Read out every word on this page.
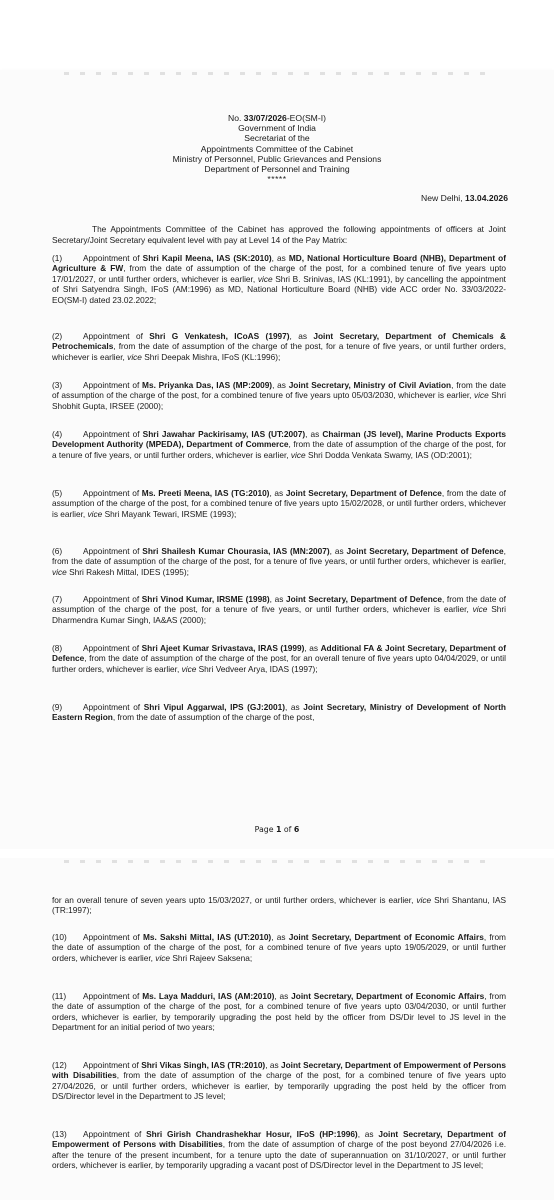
No. 33/07/2026-EO(SM-I)
Government of India
Secretariat of the
Appointments Committee of the Cabinet
Ministry of Personnel, Public Grievances and Pensions
Department of Personnel and Training
*****
New Delhi, 13.04.2026

The Appointments Committee of the Cabinet has approved the following appointments of officers at Joint Secretary/Joint Secretary equivalent level with pay at Level 14 of the Pay Matrix:

(1)	Appointment of Shri Kapil Meena, IAS (SK:2010), as MD, National Horticulture Board (NHB), Department of Agriculture & FW, from the date of assumption of the charge of the post, for a combined tenure of five years upto 17/01/2027, or until further orders, whichever is earlier, vice Shri B. Srinivas, IAS (KL:1991), by cancelling the appointment of Shri Satyendra Singh, IFoS (AM:1996) as MD, National Horticulture Board (NHB) vide ACC order No. 33/03/2022-EO(SM-I) dated 23.02.2022;

(2)	Appointment of Shri G Venkatesh, ICoAS (1997), as Joint Secretary, Department of Chemicals & Petrochemicals, from the date of assumption of the charge of the post, for a tenure of five years, or until further orders, whichever is earlier, vice Shri Deepak Mishra, IFoS (KL:1996);

(3)	Appointment of Ms. Priyanka Das, IAS (MP:2009), as Joint Secretary, Ministry of Civil Aviation, from the date of assumption of the charge of the post, for a combined tenure of five years upto 05/03/2030, whichever is earlier, vice Shri Shobhit Gupta, IRSEE (2000);

(4)	Appointment of Shri Jawahar Packirisamy, IAS (UT:2007), as Chairman (JS level), Marine Products Exports Development Authority (MPEDA), Department of Commerce, from the date of assumption of the charge of the post, for a tenure of five years, or until further orders, whichever is earlier, vice Shri Dodda Venkata Swamy, IAS (OD:2001);

(5)	Appointment of Ms. Preeti Meena, IAS (TG:2010), as Joint Secretary, Department of Defence, from the date of assumption of the charge of the post, for a combined tenure of five years upto 15/02/2028, or until further orders, whichever is earlier, vice Shri Mayank Tewari, IRSME (1993);

(6)	Appointment of Shri Shailesh Kumar Chourasia, IAS (MN:2007), as Joint Secretary, Department of Defence, from the date of assumption of the charge of the post, for a tenure of five years, or until further orders, whichever is earlier, vice Shri Rakesh Mittal, IDES (1995);

(7)	Appointment of Shri Vinod Kumar, IRSME (1998), as Joint Secretary, Department of Defence, from the date of assumption of the charge of the post, for a tenure of five years, or until further orders, whichever is earlier, vice Shri Dharmendra Kumar Singh, IA&AS (2000);

(8)	Appointment of Shri Ajeet Kumar Srivastava, IRAS (1999), as Additional FA & Joint Secretary, Department of Defence, from the date of assumption of the charge of the post, for an overall tenure of five years upto 04/04/2029, or until further orders, whichever is earlier, vice Shri Vedveer Arya, IDAS (1997);

(9)	Appointment of Shri Vipul Aggarwal, IPS (GJ:2001), as Joint Secretary, Ministry of Development of North Eastern Region, from the date of assumption of the charge of the post,

Page 1 of 6

for an overall tenure of seven years upto 15/03/2027, or until further orders, whichever is earlier, vice Shri Shantanu, IAS (TR:1997);

(10) Appointment of Ms. Sakshi Mittal, IAS (UT:2010), as Joint Secretary, Department of Economic Affairs, from the date of assumption of the charge of the post, for a combined tenure of five years upto 19/05/2029, or until further orders, whichever is earlier, vice Shri Rajeev Saksena;

(11) Appointment of Ms. Laya Madduri, IAS (AM:2010), as Joint Secretary, Department of Economic Affairs, from the date of assumption of the charge of the post, for a combined tenure of five years upto 03/04/2030, or until further orders, whichever is earlier, by temporarily upgrading the post held by the officer from DS/Dir level to JS level in the Department for an initial period of two years;

(12) Appointment of Shri Vikas Singh, IAS (TR:2010), as Joint Secretary, Department of Empowerment of Persons with Disabilities, from the date of assumption of the charge of the post, for a combined tenure of five years upto 27/04/2026, or until further orders, whichever is earlier, by temporarily upgrading the post held by the officer from DS/Director level in the Department to JS level;

(13) Appointment of Shri Girish Chandrashekhar Hosur, IFoS (HP:1996), as Joint Secretary, Department of Empowerment of Persons with Disabilities, from the date of assumption of charge of the post beyond 27/04/2026 i.e. after the tenure of the present incumbent, for a tenure upto the date of superannuation on 31/10/2027, or until further orders, whichever is earlier, by temporarily upgrading a vacant post of DS/Director level in the Department to JS level;
